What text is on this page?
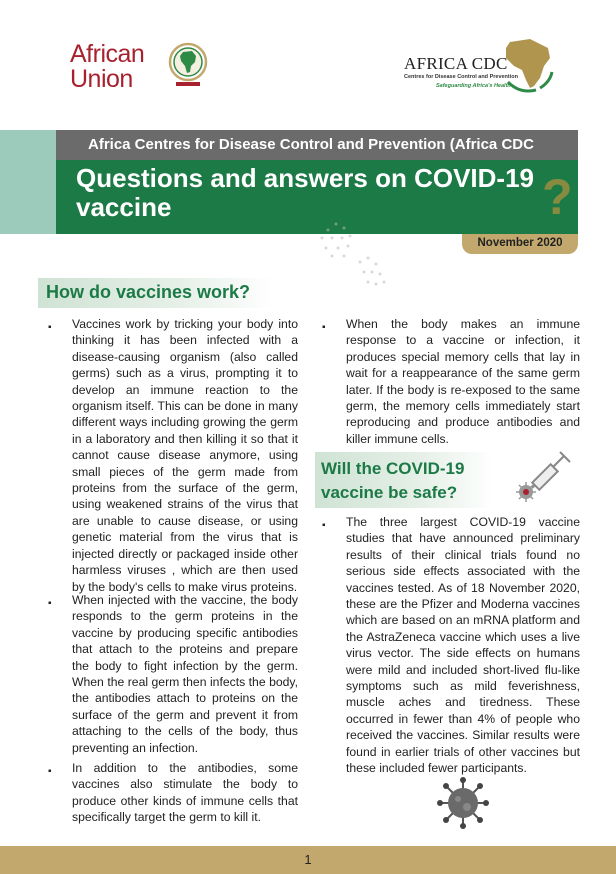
African
Union
AFRICA CDC
Centres for Disease Control and Prevention
Safeguarding Africa's Health
Africa Centres for Disease Control and Prevention (Africa CDC
Questions and answers on COVID-19 vaccine	?
November 2020
How do vaccines work?
▪ Vaccines work by tricking your body into thinking it has been infected with a disease-causing organism (also called germs) such as a virus, prompting it to develop an immune reaction to the organism itself. This can be done in many different ways including growing the germ in a laboratory and then killing it so that it cannot cause disease anymore, using small pieces of the germ made from proteins from the surface of the germ, using weakened strains of the virus that are unable to cause disease, or using genetic material from the virus that is injected directly or packaged inside other harmless viruses , which are then used by the body's cells to make virus proteins.
▪ When injected with the vaccine, the body responds to the germ proteins in the vaccine by producing specific antibodies that attach to the proteins and prepare the body to fight infection by the germ. When the real germ then infects the body, the antibodies attach to proteins on the surface of the germ and prevent it from attaching to the cells of the body, thus preventing an infection.
▪ In addition to the antibodies, some vaccines also stimulate the body to produce other kinds of immune cells that specifically target the germ to kill it.
▪ When the body makes an immune response to a vaccine or infection, it produces special memory cells that lay in wait for a reappearance of the same germ later. If the body is re-exposed to the same germ, the memory cells immediately start reproducing and produce antibodies and killer immune cells.
Will the COVID-19
vaccine be safe?
▪ The three largest COVID-19 vaccine studies that have announced preliminary results of their clinical trials found no serious side effects associated with the vaccines tested. As of 18 November 2020, these are the Pfizer and Moderna vaccines which are based on an mRNA platform and the AstraZeneca vaccine which uses a live virus vector. The side effects on humans were mild and included short-lived flu-like symptoms such as mild feverishness, muscle aches and tiredness. These occurred in fewer than 4% of people who received the vaccines. Similar results were found in earlier trials of other vaccines but these included fewer participants.
1
